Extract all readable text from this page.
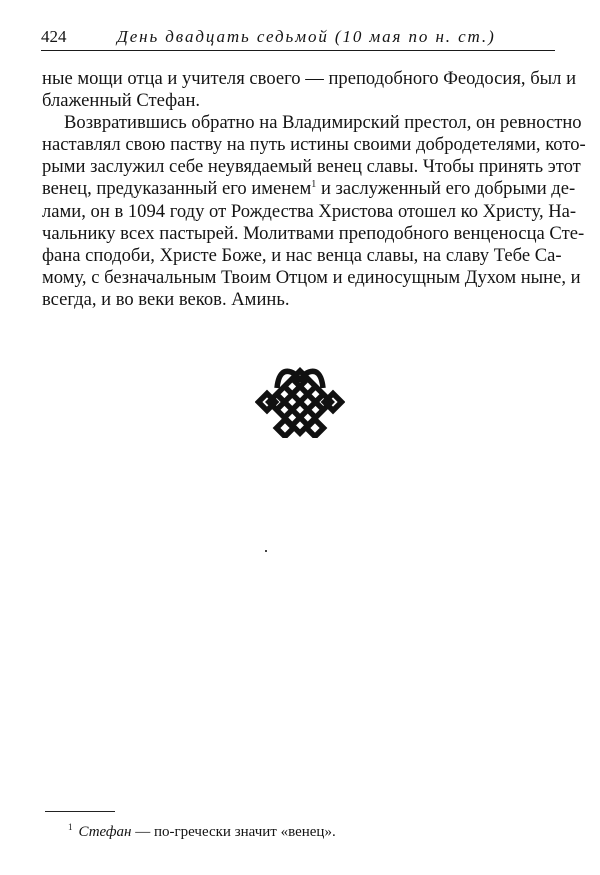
424	День двадцать седьмой (10 мая по н. ст.)
ные мощи отца и учителя своего — преподобного Феодосия, был и
блаженный Стефан.
Возвратившись обратно на Владимирский престол, он ревностно
наставлял свою паству на путь истины своими добродетелями, кото-
рыми заслужил себе неувядаемый венец славы. Чтобы принять этот
венец, предуказанный его именем$^1$ и заслуженный его добрыми де-
лами, он в 1094 году от Рождества Христова отошел ко Христу, На-
чальнику всех пастырей. Молитвами преподобного венценосца Сте-
фана сподоби, Христе Боже, и нас венца славы, на славу Тебе Са-
мому, с безначальным Твоим Отцом и единосущным Духом ныне, и
всегда, и во веки веков. Аминь.
$^1$ Стефан — по-гречески значит «венец».
